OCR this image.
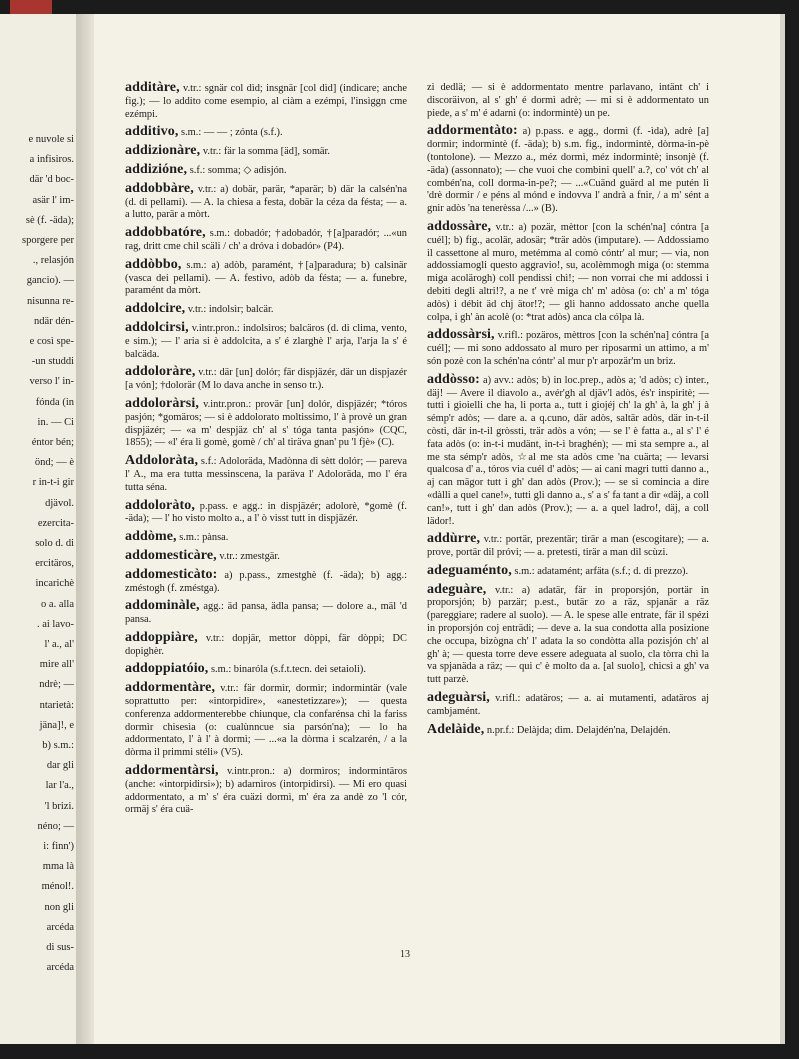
e nuvole si
a infisiros.
där 'd boc-
asär l' im-
sè (f. -äda);
sporgere per
., relasjón
gancio). —
nisunna re-
ndär dén-
e così spe-
-un studdi
verso l' in-
fónda (in
in. — Ci
éntor bén;
önd; — è
r in-t-i gir
djävol.
ezercita-
solo d. di
ercitäros,
incarichè
o a. alla
. ai lavo-
l' a., al'
mire all'
ndrè; —
ntarietà:
jäna]!, e
b) s.m.:
dar gli
lar l'a.,
'l brizi.
néno; —
i: finn')
mma là
ménol!.
non gli
arcéda
di sus-
arcéda
additàre, v.tr.: sgnär col dìd; insgnär [col dìd] (indicare; anche fig.); — lo addito come esempio, al ciàm a ezémpi, l'insìggn cme ezémpi.
additivo, s.m.: — — ; zónta (s.f.).
addizionàre, v.tr.: fär la somma [äd], somär.
addizióne, s.f.: somma; ◇ adisjón.
addobbàre, v.tr.: a) dobär, parär, *aparär; b) där la calsén'na (d. di pellami). — A. la chiesa a festa, dobär la céza da fésta; — a. a lutto, parär a mòrt.
addobbatóre, s.m.: dobadór; †adobadór, †[a]paradór; ...«un rag, dritt cme chil scäli / ch' a dróva i dobadór» (P4).
addòbbo, s.m.: a) adòb, paramént, †[a]paradura; b) calsinär (vasca dei pellami). — A. festivo, adòb da fésta; — a. funebre, paramént da mòrt.
addolcire, v.tr.: indolsìr; balcär.
addolcirsi, v.intr.pron.: indolsìros; balcäros (d. di clima, vento, e sim.); — l' aria si è addolcita, a s' é zlarghè l' arja, l'arja la s' é balcäda.
addoloràre, v.tr.: där [un] dolór; fär dispjäzér, där un dispjazér [a vón]; †dolorär (M lo dava anche in senso tr.).
addoloràrsi, v.intr.pron.: provär [un] dolór, dispjäzér; *tóros pasjón; *gomäros; — si è addolorato moltissimo, l' à provè un gran dispjäzér; — «a m' despjäz ch' al s' tóga tanta pasjón» (CQC, 1855); — «l' éra lì gomè, gomè / ch' al tiräva gnan' pu 'l fjè» (C).
Addoloràta, s.f.: Adoloräda, Madònna dì sètt dolór; — pareva l' A., ma era tutta messinscena, la paräva l' Adoloräda, mo l' éra tutta séna.
addoloràto, p.pass. e agg.: in dispjäzér; adolorè, *gomè (f. -äda); — l' ho visto molto a., a l' ò visst tutt in dispjäzér.
addòme, s.m.: pànsa.
addomesticàre, v.tr.: zmestgär.
addomesticàto: a) p.pass., zmestghè (f. -äda); b) agg.: zméstogh (f. zméstga).
addominàle, agg.: äd pansa, ädla pansa; — dolore a., mäl 'd pansa.
addoppiàre, v.tr.: dopjär, mettor dòppi, fär dòppi; DC dopighèr.
addoppiatóio, s.m.: binaróla (s.f.t.tecn. dei setaioli).
addormentàre, v.tr.: fär dormìr, dormìr; indormintär (vale soprattutto per: «intorpidire», «anestetizzare»); — questa conferenza addormenterebbe chiunque, cla confarénsa chì la fariss dormìr chisesìa (o: cualùnncue sia parsón'na); — lo ha addormentato, l' à l' à dormì; — ...«a la dòrma i scalzarén, / a la dòrma il primmi stéli» (V5).
addormentàrsi, v.intr.pron.: a) dormìros; indormintäros (anche: «intorpidirsi»); b) adarnìros (intorpidirsi). — Mi ero quasi addormentato, a m' s' éra cuäzi dormì, m' éra za andè zo 'l cór, ormäj s' éra cuä-
zi dedlä; — si è addormentato mentre parlavano, intänt ch' i discoräivon, al s' gh' é dormì adrè; — mi si è addormentato un piede, a s' m' é adarnì (o: indormintè) un pe.
addormentàto: a) p.pass. e agg., dormì (f. -ìda), adrè [a] dormìr; indormintè (f. -äda); b) s.m. fig., indormintè, dòrma-in-pè (tontolone). — Mezzo a., méz dormì, méz indormintè; insonjè (f. -äda) (assonnato); — che vuoi che combini quell' a.?, co' vót ch' al combén'na, coll dorma-in-pe?; — ...«Cuänd guärd al me putén lì 'drè dormìr / e péns al mónd e indovva l' andrà a fnir, / a m' sént a gnir adòs 'na tenerèssa /...» (B).
addossàre, v.tr.: a) pozär, mèttor [con la schén'na] cóntra [a cuél]; b) fig., acolär, adosär; *trär adòs (imputare). — Addossiamo il cassettone al muro, metémma al comò cóntr' al mur; — via, non addossiamogli questo aggravio!, su, acolèmmogh miga (o: stemma miga acolärogh) coll pendissi chì!; — non vorrai che mi addossi i debiti degli altri!?, a ne t' vrè miga ch' m' adòsa (o: ch' a m' tóga adòs) i débit äd chj ätor!?; — gli hanno addossato anche quella colpa, i gh' àn acolè (o: *trat adòs) anca cla cólpa là.
addossàrsi, v.rifl.: pozäros, mèttros [con la schén'na] cóntra [a cuél]; — mi sono addossato al muro per riposarmi un attimo, a m' són pozè con la schén'na cóntr' al mur p'r arpozär'm un briz.
addòsso: a) avv.: adòs; b) in loc.prep., adòs a; 'd adòs; c) inter., däj! — Avere il diavolo a., avér'gh al djäv'l adòs, és'r inspiritè; — tutti i gioielli che ha, li porta a., tutt i giojéj ch' la gh' à, la gh' j à sémp'r adòs; — dare a. a q.cuno, där adòs, saltär adòs, där in-t-il còsti, där in-t-il gròssti, trär adòs a vón; — se l' è fatta a., al s' l' é fata adòs (o: in-t-i mudänt, in-t-i braghén); — mi sta sempre a., al me sta sémp'r adòs, ☆al me sta adòs cme 'na cuärta; — levarsi qualcosa d' a., tóros via cuél d' adòs; — ai cani magri tutti danno a., aj can mägor tutt i gh' dan adòs (Prov.); — se si comincia a dire «dàlli a quel cane!», tutti gli danno a., s' a s' fa tant a dìr «däj, a coll can!», tutt i gh' dan adòs (Prov.); — a. a quel ladro!, däj, a coll lädor!.
addùrre, v.tr.: portär, prezentär; tirär a man (escogitare); — a. prove, portär dil próvi; — a. pretesti, tirär a man dil scùzi.
adeguaménto, s.m.: adatamént; arfäta (s.f.; d. di prezzo).
adeguàre, v.tr.: a) adatär, fär in proporsjón, portär in proporsjón; b) parzär; p.est., butär zo a räz, spjanär a räz (pareggiare; radere al suolo). — A. le spese alle entrate, fär il spézi in proporsjón coj enträdi; — deve a. la sua condotta alla posizione che occupa, bizògna ch' l' adata la so condòtta alla pozisjón ch' al gh' à; — questa torre deve essere adeguata al suolo, cla tòrra chì la va spjanäda a räz; — qui c' è molto da a. [al suolo], chicsì a gh' va tutt parzè.
adeguàrsi, v.rifl.: adatäros; — a. ai mutamenti, adatäros aj cambjamént.
Adelàide, n.pr.f.: Delàjda; dim. Delajdén'na, Delajdén.
13
